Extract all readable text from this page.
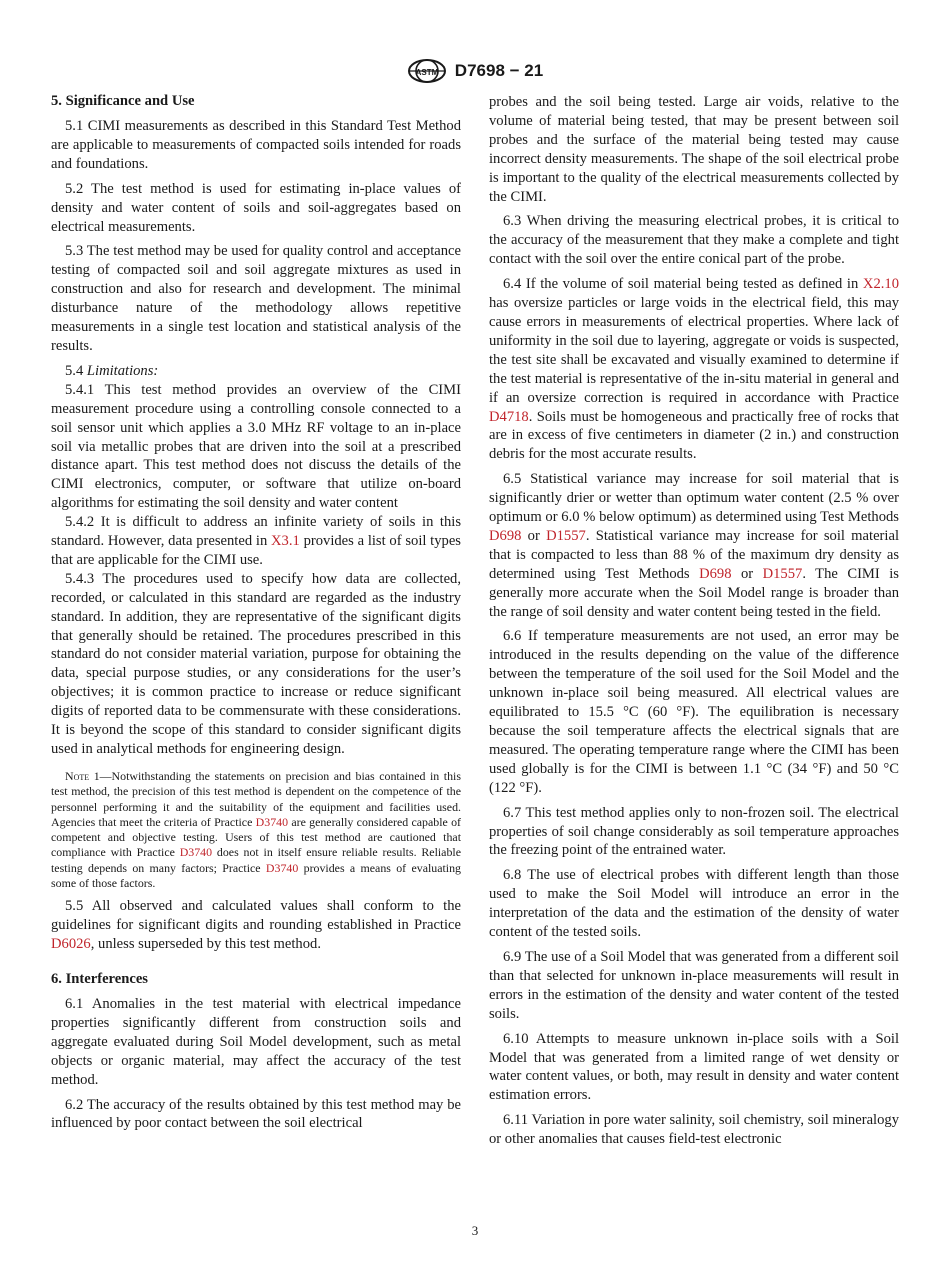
ASTM D7698 − 21
5. Significance and Use

5.1 CIMI measurements as described in this Standard Test Method are applicable to measurements of compacted soils intended for roads and foundations.

5.2 The test method is used for estimating in-place values of density and water content of soils and soil-aggregates based on electrical measurements.

5.3 The test method may be used for quality control and acceptance testing of compacted soil and soil aggregate mixtures as used in construction and also for research and development. The minimal disturbance nature of the methodology allows repetitive measurements in a single test location and statistical analysis of the results.

5.4 Limitations:

5.4.1 This test method provides an overview of the CIMI measurement procedure using a controlling console connected to a soil sensor unit which applies a 3.0 MHz RF voltage to an in-place soil via metallic probes that are driven into the soil at a prescribed distance apart. This test method does not discuss the details of the CIMI electronics, computer, or software that utilize on-board algorithms for estimating the soil density and water content

5.4.2 It is difficult to address an infinite variety of soils in this standard. However, data presented in X3.1 provides a list of soil types that are applicable for the CIMI use.

5.4.3 The procedures used to specify how data are collected, recorded, or calculated in this standard are regarded as the industry standard. In addition, they are representative of the significant digits that generally should be retained. The procedures prescribed in this standard do not consider material variation, purpose for obtaining the data, special purpose studies, or any considerations for the user’s objectives; it is common practice to increase or reduce significant digits of reported data to be commensurate with these considerations. It is beyond the scope of this standard to consider significant digits used in analytical methods for engineering design.

Note 1—Notwithstanding the statements on precision and bias contained in this test method, the precision of this test method is dependent on the competence of the personnel performing it and the suitability of the equipment and facilities used. Agencies that meet the criteria of Practice D3740 are generally considered capable of competent and objective testing. Users of this test method are cautioned that compliance with Practice D3740 does not in itself ensure reliable results. Reliable testing depends on many factors; Practice D3740 provides a means of evaluating some of those factors.

5.5 All observed and calculated values shall conform to the guidelines for significant digits and rounding established in Practice D6026, unless superseded by this test method.

6. Interferences

6.1 Anomalies in the test material with electrical impedance properties significantly different from construction soils and aggregate evaluated during Soil Model development, such as metal objects or organic material, may affect the accuracy of the test method.

6.2 The accuracy of the results obtained by this test method may be influenced by poor contact between the soil electrical

probes and the soil being tested. Large air voids, relative to the volume of material being tested, that may be present between soil probes and the surface of the material being tested may cause incorrect density measurements. The shape of the soil electrical probe is important to the quality of the electrical measurements collected by the CIMI.

6.3 When driving the measuring electrical probes, it is critical to the accuracy of the measurement that they make a complete and tight contact with the soil over the entire conical part of the probe.

6.4 If the volume of soil material being tested as defined in X2.10 has oversize particles or large voids in the electrical field, this may cause errors in measurements of electrical properties. Where lack of uniformity in the soil due to layering, aggregate or voids is suspected, the test site shall be excavated and visually examined to determine if the test material is representative of the in-situ material in general and if an oversize correction is required in accordance with Practice D4718. Soils must be homogeneous and practically free of rocks that are in excess of five centimeters in diameter (2 in.) and construction debris for the most accurate results.

6.5 Statistical variance may increase for soil material that is significantly drier or wetter than optimum water content (2.5 % over optimum or 6.0 % below optimum) as determined using Test Methods D698 or D1557. Statistical variance may increase for soil material that is compacted to less than 88 % of the maximum dry density as determined using Test Methods D698 or D1557. The CIMI is generally more accurate when the Soil Model range is broader than the range of soil density and water content being tested in the field.

6.6 If temperature measurements are not used, an error may be introduced in the results depending on the value of the difference between the temperature of the soil used for the Soil Model and the unknown in-place soil being measured. All electrical values are equilibrated to 15.5 °C (60 °F). The equilibration is necessary because the soil temperature affects the electrical signals that are measured. The operating temperature range where the CIMI has been used globally is for the CIMI is between 1.1 °C (34 °F) and 50 °C (122 °F).

6.7 This test method applies only to non-frozen soil. The electrical properties of soil change considerably as soil temperature approaches the freezing point of the entrained water.

6.8 The use of electrical probes with different length than those used to make the Soil Model will introduce an error in the interpretation of the data and the estimation of the density of water content of the tested soils.

6.9 The use of a Soil Model that was generated from a different soil than that selected for unknown in-place measurements will result in errors in the estimation of the density and water content of the tested soils.

6.10 Attempts to measure unknown in-place soils with a Soil Model that was generated from a limited range of wet density or water content values, or both, may result in density and water content estimation errors.

6.11 Variation in pore water salinity, soil chemistry, soil mineralogy or other anomalies that causes field-test electronic

3
